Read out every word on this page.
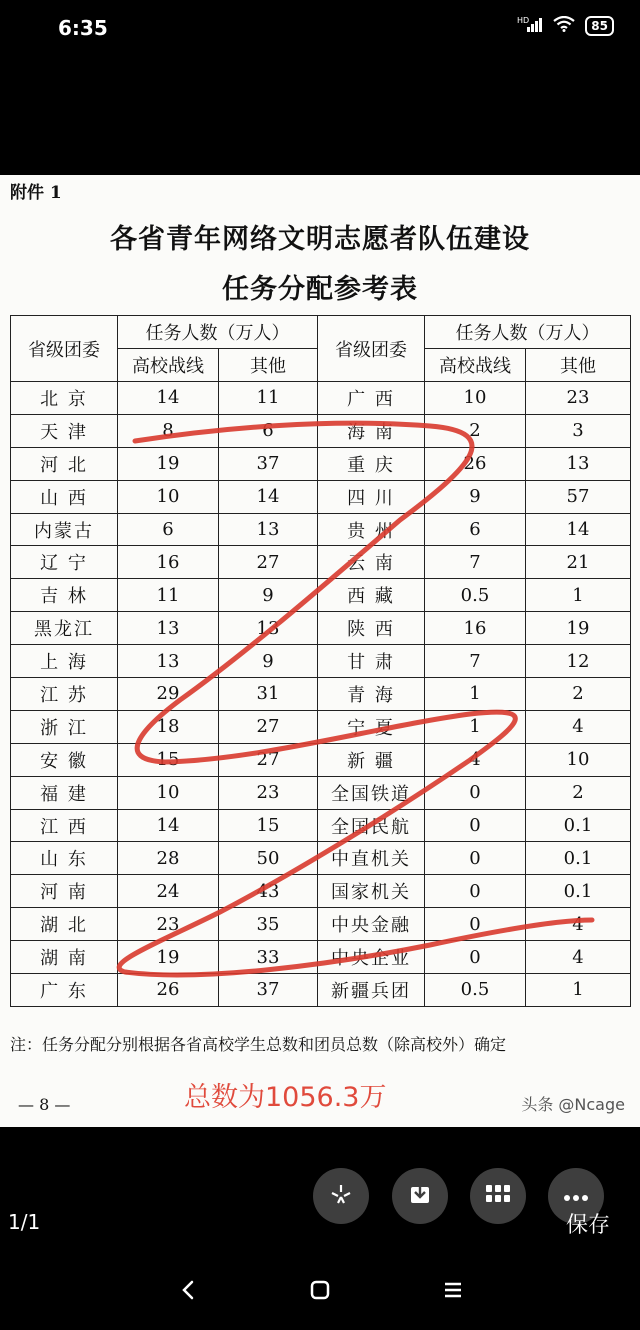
6:35	HD	85
附件 1
各省青年网络文明志愿者队伍建设
任务分配参考表
省级团委	任务人数（万人）		省级团委	任务人数（万人）	
	高校战线	其他		高校战线	其他
北 京	14	11	广 西	10	23
天 津	8	6	海 南	2	3
河 北	19	37	重 庆	26	13
山 西	10	14	四 川	9	57
内蒙古	6	13	贵 州	6	14
辽 宁	16	27	云 南	7	21
吉 林	11	9	西 藏	0.5	1
黑龙江	13	13	陕 西	16	19
上 海	13	9	甘 肃	7	12
江 苏	29	31	青 海	1	2
浙 江	18	27	宁 夏	1	4
安 徽	15	27	新 疆	4	10
福 建	10	23	全国铁道	0	2
江 西	14	15	全国民航	0	0.1
山 东	28	50	中直机关	0	0.1
河 南	24	43	国家机关	0	0.1
湖 北	23	35	中央金融	0	4
湖 南	19	33	中央企业	0	4
广 东	26	37	新疆兵团	0.5	1
注：任务分配分别根据各省高校学生总数和团员总数（除高校外）确定
— 8 —	总数为1056.3万	头条 @Ncage
1/1	保存
